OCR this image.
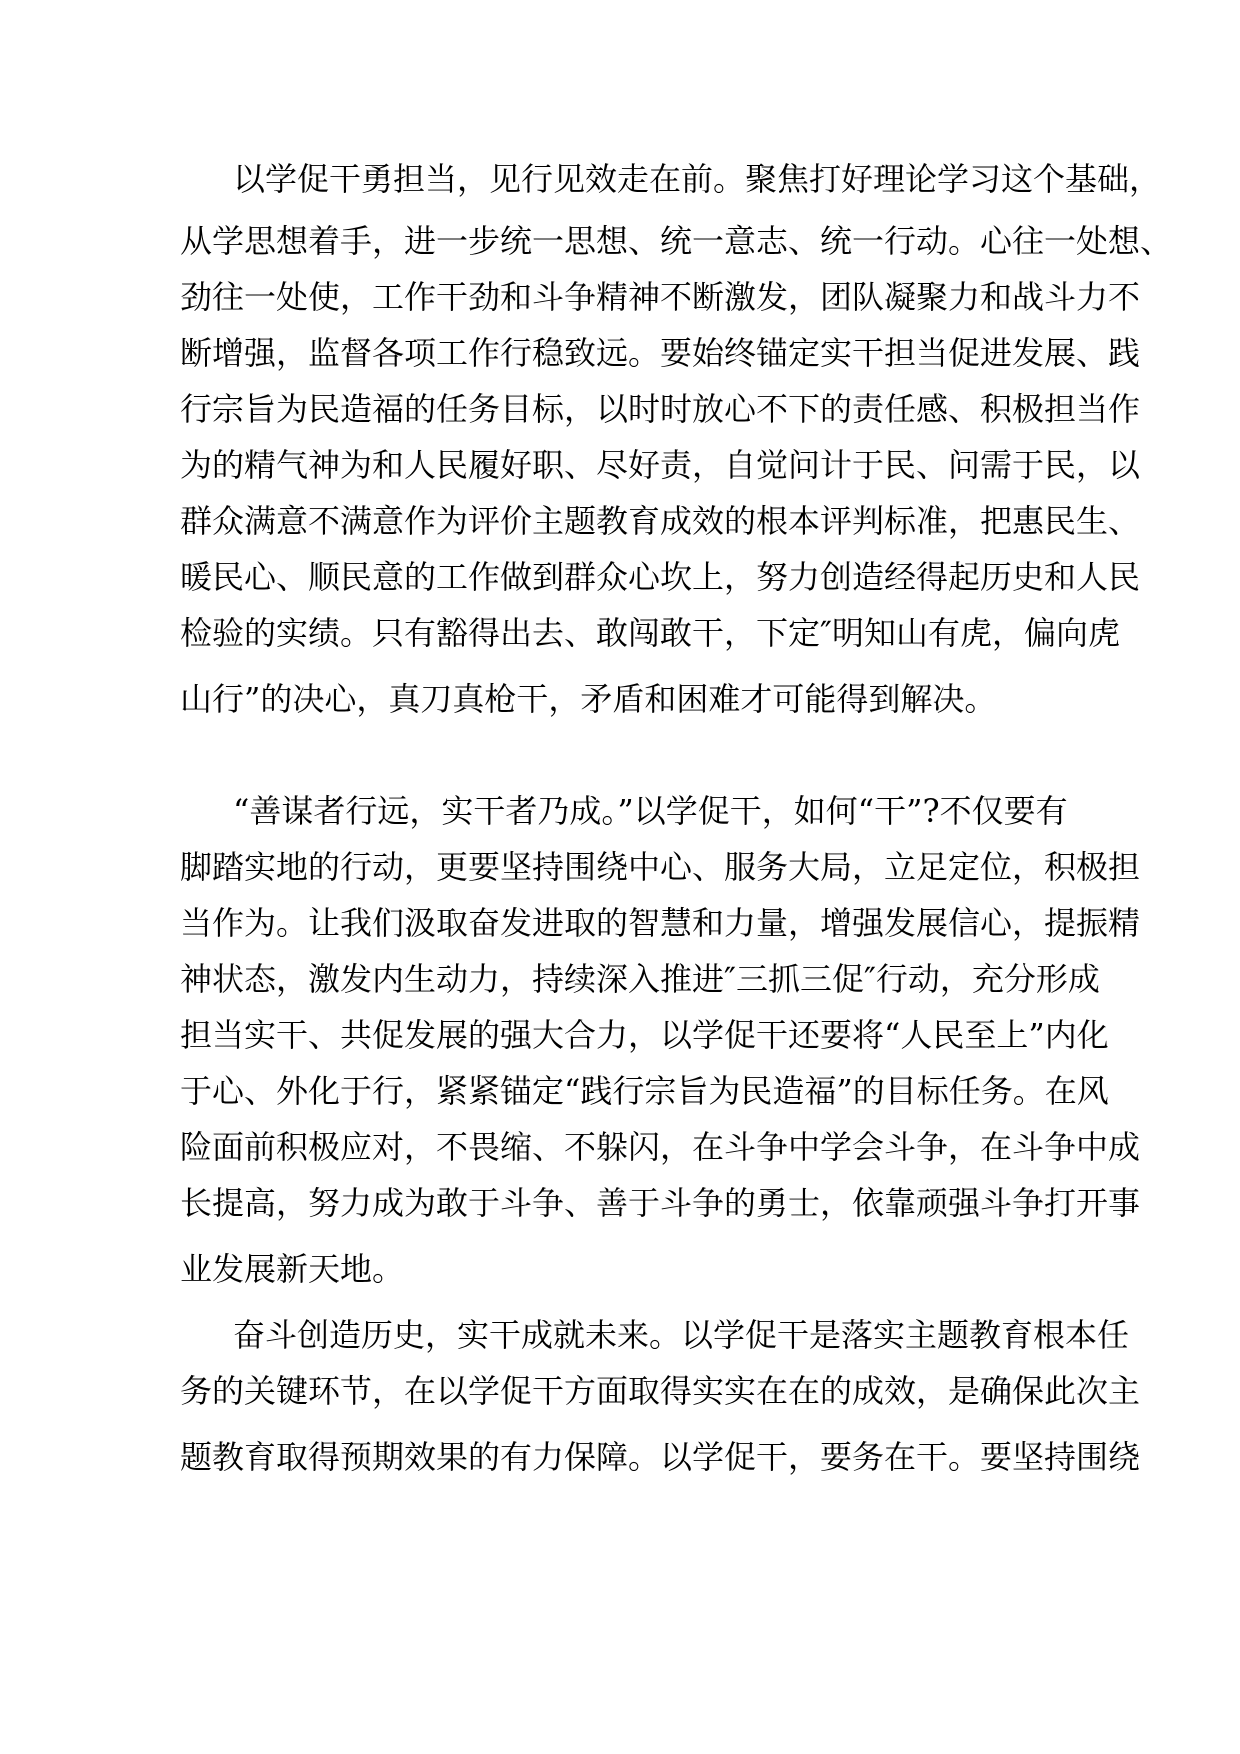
以学促干勇担当，见行见效走在前。聚焦打好理论学习这个基础，

从学思想着手，进一步统一思想、统一意志、统一行动。心往一处想、

劲往一处使，工作干劲和斗争精神不断激发，团队凝聚力和战斗力不

断增强，监督各项工作行稳致远。要始终锚定实干担当促进发展、践

行宗旨为民造福的任务目标，以时时放心不下的责任感、积极担当作

为的精气神为和人民履好职、尽好责，自觉问计于民、问需于民，以

群众满意不满意作为评价主题教育成效的根本评判标准，把惠民生、

暖民心、顺民意的工作做到群众心坎上，努力创造经得起历史和人民

检验的实绩。只有豁得出去、敢闯敢干，下定″明知山有虎，偏向虎

山行”的决心，真刀真枪干，矛盾和困难才可能得到解决。

“善谋者行远，实干者乃成。”以学促干，如何“干”?不仅要有

脚踏实地的行动，更要坚持围绕中心、服务大局，立足定位，积极担

当作为。让我们汲取奋发进取的智慧和力量，增强发展信心，提振精

神状态，激发内生动力，持续深入推进″三抓三促″行动，充分形成

担当实干、共促发展的强大合力，以学促干还要将“人民至上”内化

于心、外化于行，紧紧锚定“践行宗旨为民造福”的目标任务。在风

险面前积极应对，不畏缩、不躲闪，在斗争中学会斗争，在斗争中成

长提高，努力成为敢于斗争、善于斗争的勇士，依靠顽强斗争打开事

业发展新天地。

奋斗创造历史，实干成就未来。以学促干是落实主题教育根本任

务的关键环节，在以学促干方面取得实实在在的成效，是确保此次主

题教育取得预期效果的有力保障。以学促干，要务在干。要坚持围绕
